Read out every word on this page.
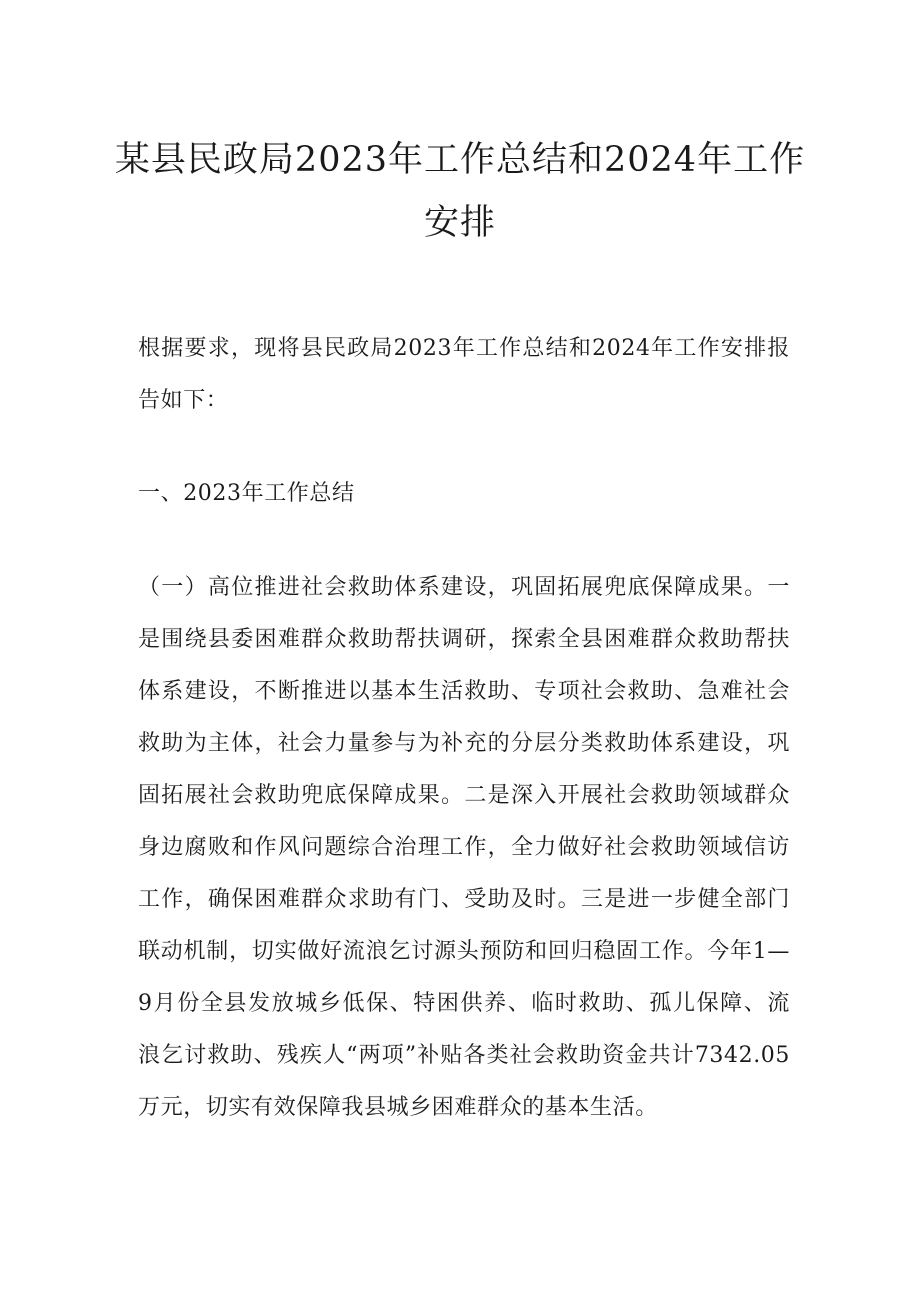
某县民政局2023年工作总结和2024年工作
安排
根据要求，现将县民政局2023年工作总结和2024年工作安排报
告如下：
一、2023年工作总结
（一）高位推进社会救助体系建设，巩固拓展兜底保障成果。一
是围绕县委困难群众救助帮扶调研，探索全县困难群众救助帮扶
体系建设，不断推进以基本生活救助、专项社会救助、急难社会
救助为主体，社会力量参与为补充的分层分类救助体系建设，巩
固拓展社会救助兜底保障成果。二是深入开展社会救助领域群众
身边腐败和作风问题综合治理工作，全力做好社会救助领域信访
工作，确保困难群众求助有门、受助及时。三是进一步健全部门
联动机制，切实做好流浪乞讨源头预防和回归稳固工作。今年1—
9月份全县发放城乡低保、特困供养、临时救助、孤儿保障、流
浪乞讨救助、残疾人“两项”补贴各类社会救助资金共计7342.05
万元，切实有效保障我县城乡困难群众的基本生活。
